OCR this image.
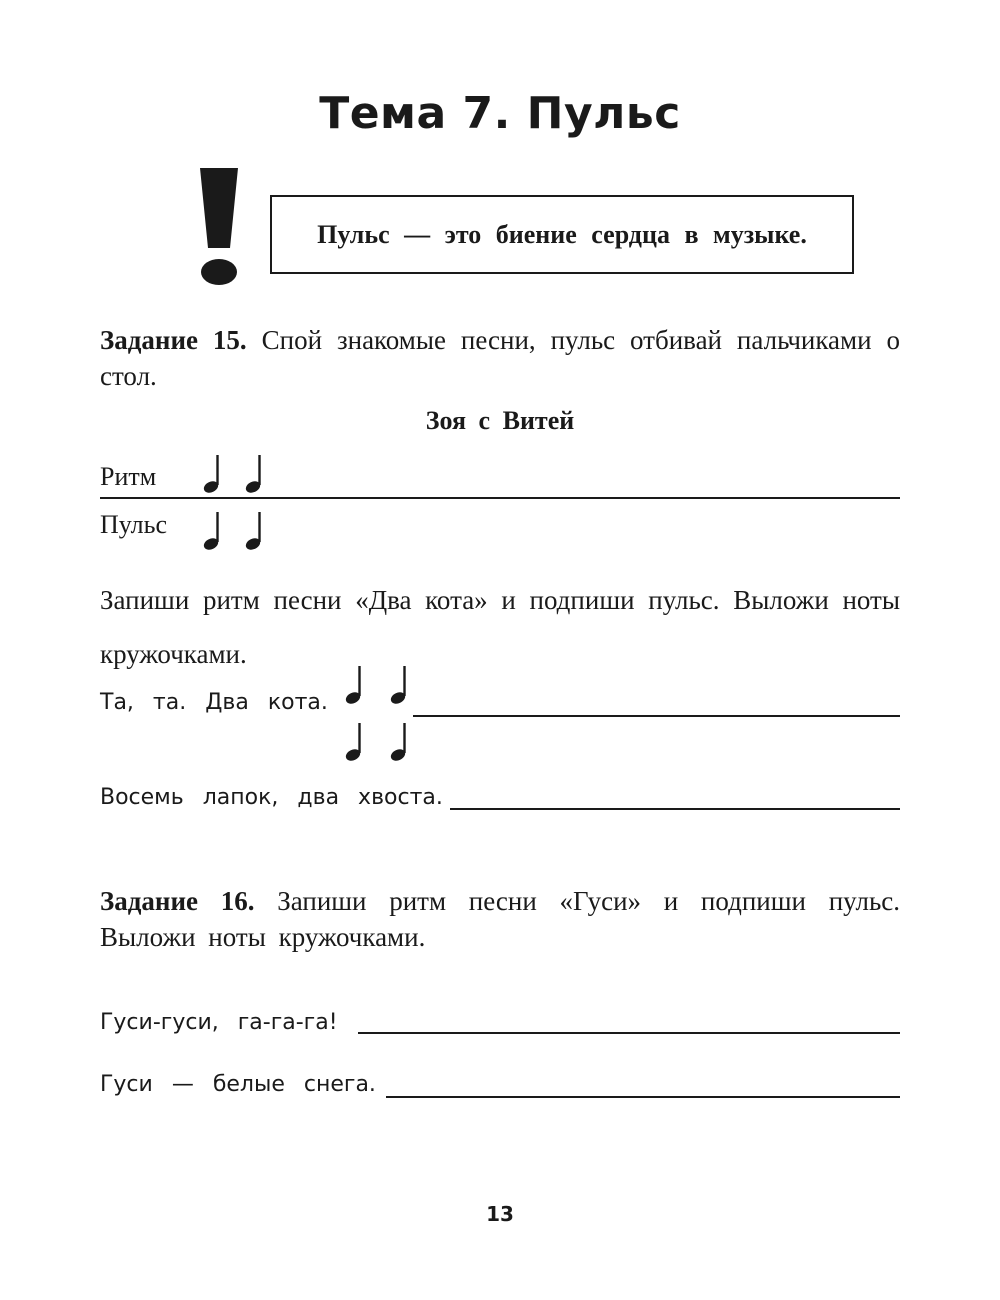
Тема 7. Пульс
Пульс — это биение сердца в музыке.
Задание 15. Спой знакомые песни, пульс отбивай пальчиками о стол.
Зоя с Витей
Ритм
Пульс
Запиши ритм песни «Два кота» и подпиши пульс. Выложи ноты кружочками.
Та, та. Два кота.
Восемь лапок, два хвоста.
Задание 16. Запиши ритм песни «Гуси» и подпиши пульс. Выложи ноты кружочками.
Гуси-гуси, га-га-га!
Гуси — белые снега.
13
